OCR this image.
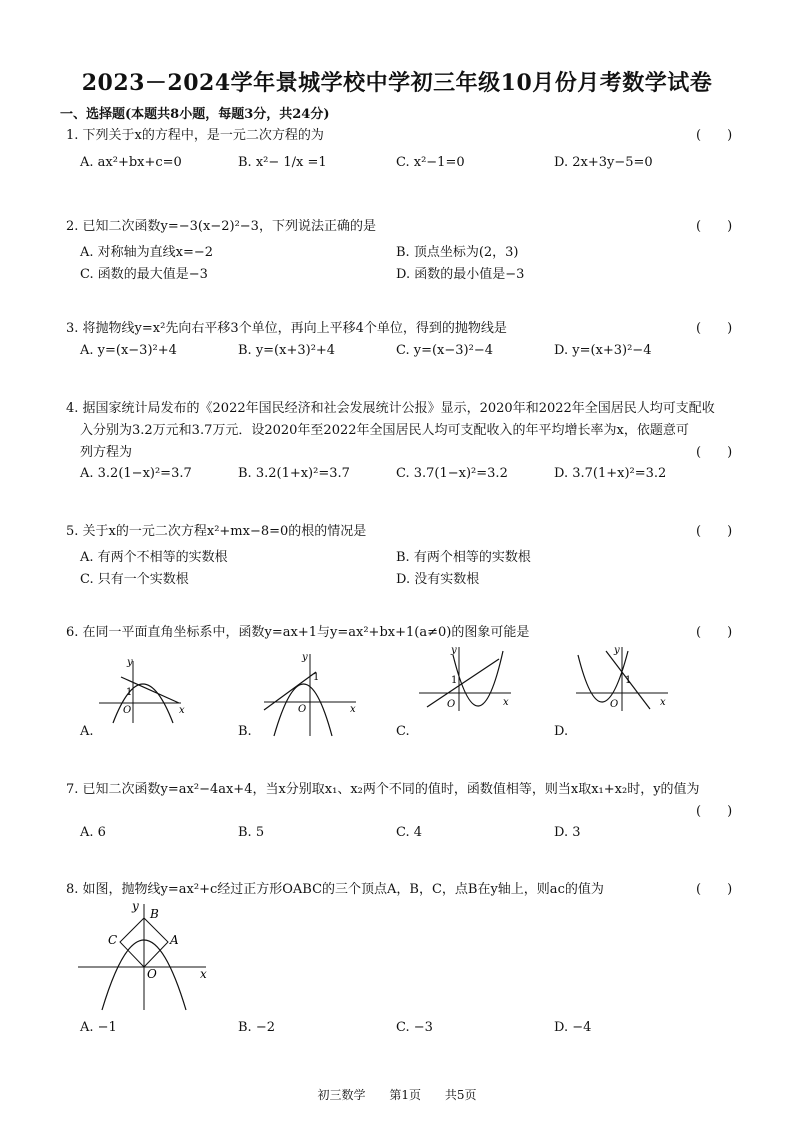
2023－2024学年景城学校中学初三年级10月份月考数学试卷
一、选择题(本题共8小题，每题3分，共24分)
1. 下列关于x的方程中，是一元二次方程的为	(　　)
A. ax²+bx+c=0	B. x²− 1/x =1	C. x²−1=0	D. 2x+3y−5=0
2. 已知二次函数y=−3(x−2)²−3，下列说法正确的是	(　　)
A. 对称轴为直线x=−2	B. 顶点坐标为(2，3)
C. 函数的最大值是−3	D. 函数的最小值是−3
3. 将抛物线y=x²先向右平移3个单位，再向上平移4个单位，得到的抛物线是	(　　)
A. y=(x−3)²+4	B. y=(x+3)²+4	C. y=(x−3)²−4	D. y=(x+3)²−4
4. 据国家统计局发布的《2022年国民经济和社会发展统计公报》显示，2020年和2022年全国居民人均可支配收
入分别为3.2万元和3.7万元．设2020年至2022年全国居民人均可支配收入的年平均增长率为x，依题意可
列方程为	(　　)
A. 3.2(1−x)²=3.7	B. 3.2(1+x)²=3.7	C. 3.7(1−x)²=3.2	D. 3.7(1+x)²=3.2
5. 关于x的一元二次方程x²+mx−8=0的根的情况是	(　　)
A. 有两个不相等的实数根	B. 有两个相等的实数根
C. 只有一个实数根	D. 没有实数根
6. 在同一平面直角坐标系中，函数y=ax+1与y=ax²+bx+1(a≠0)的图象可能是	(　　)
y
x
O
1
A.
y
x
O
1
B.
y
x
O
1
C.
y
x
O
1
D.
7. 已知二次函数y=ax²−4ax+4，当x分别取x₁、x₂两个不同的值时，函数值相等，则当x取x₁+x₂时，y的值为
(　　)
A. 6	B. 5	C. 4	D. 3
8. 如图，抛物线y=ax²+c经过正方形OABC的三个顶点A，B，C，点B在y轴上，则ac的值为	(　　)
y
x
O
B
A
C
A. −1	B. −2	C. −3	D. −4
初三数学 第1页 共5页
